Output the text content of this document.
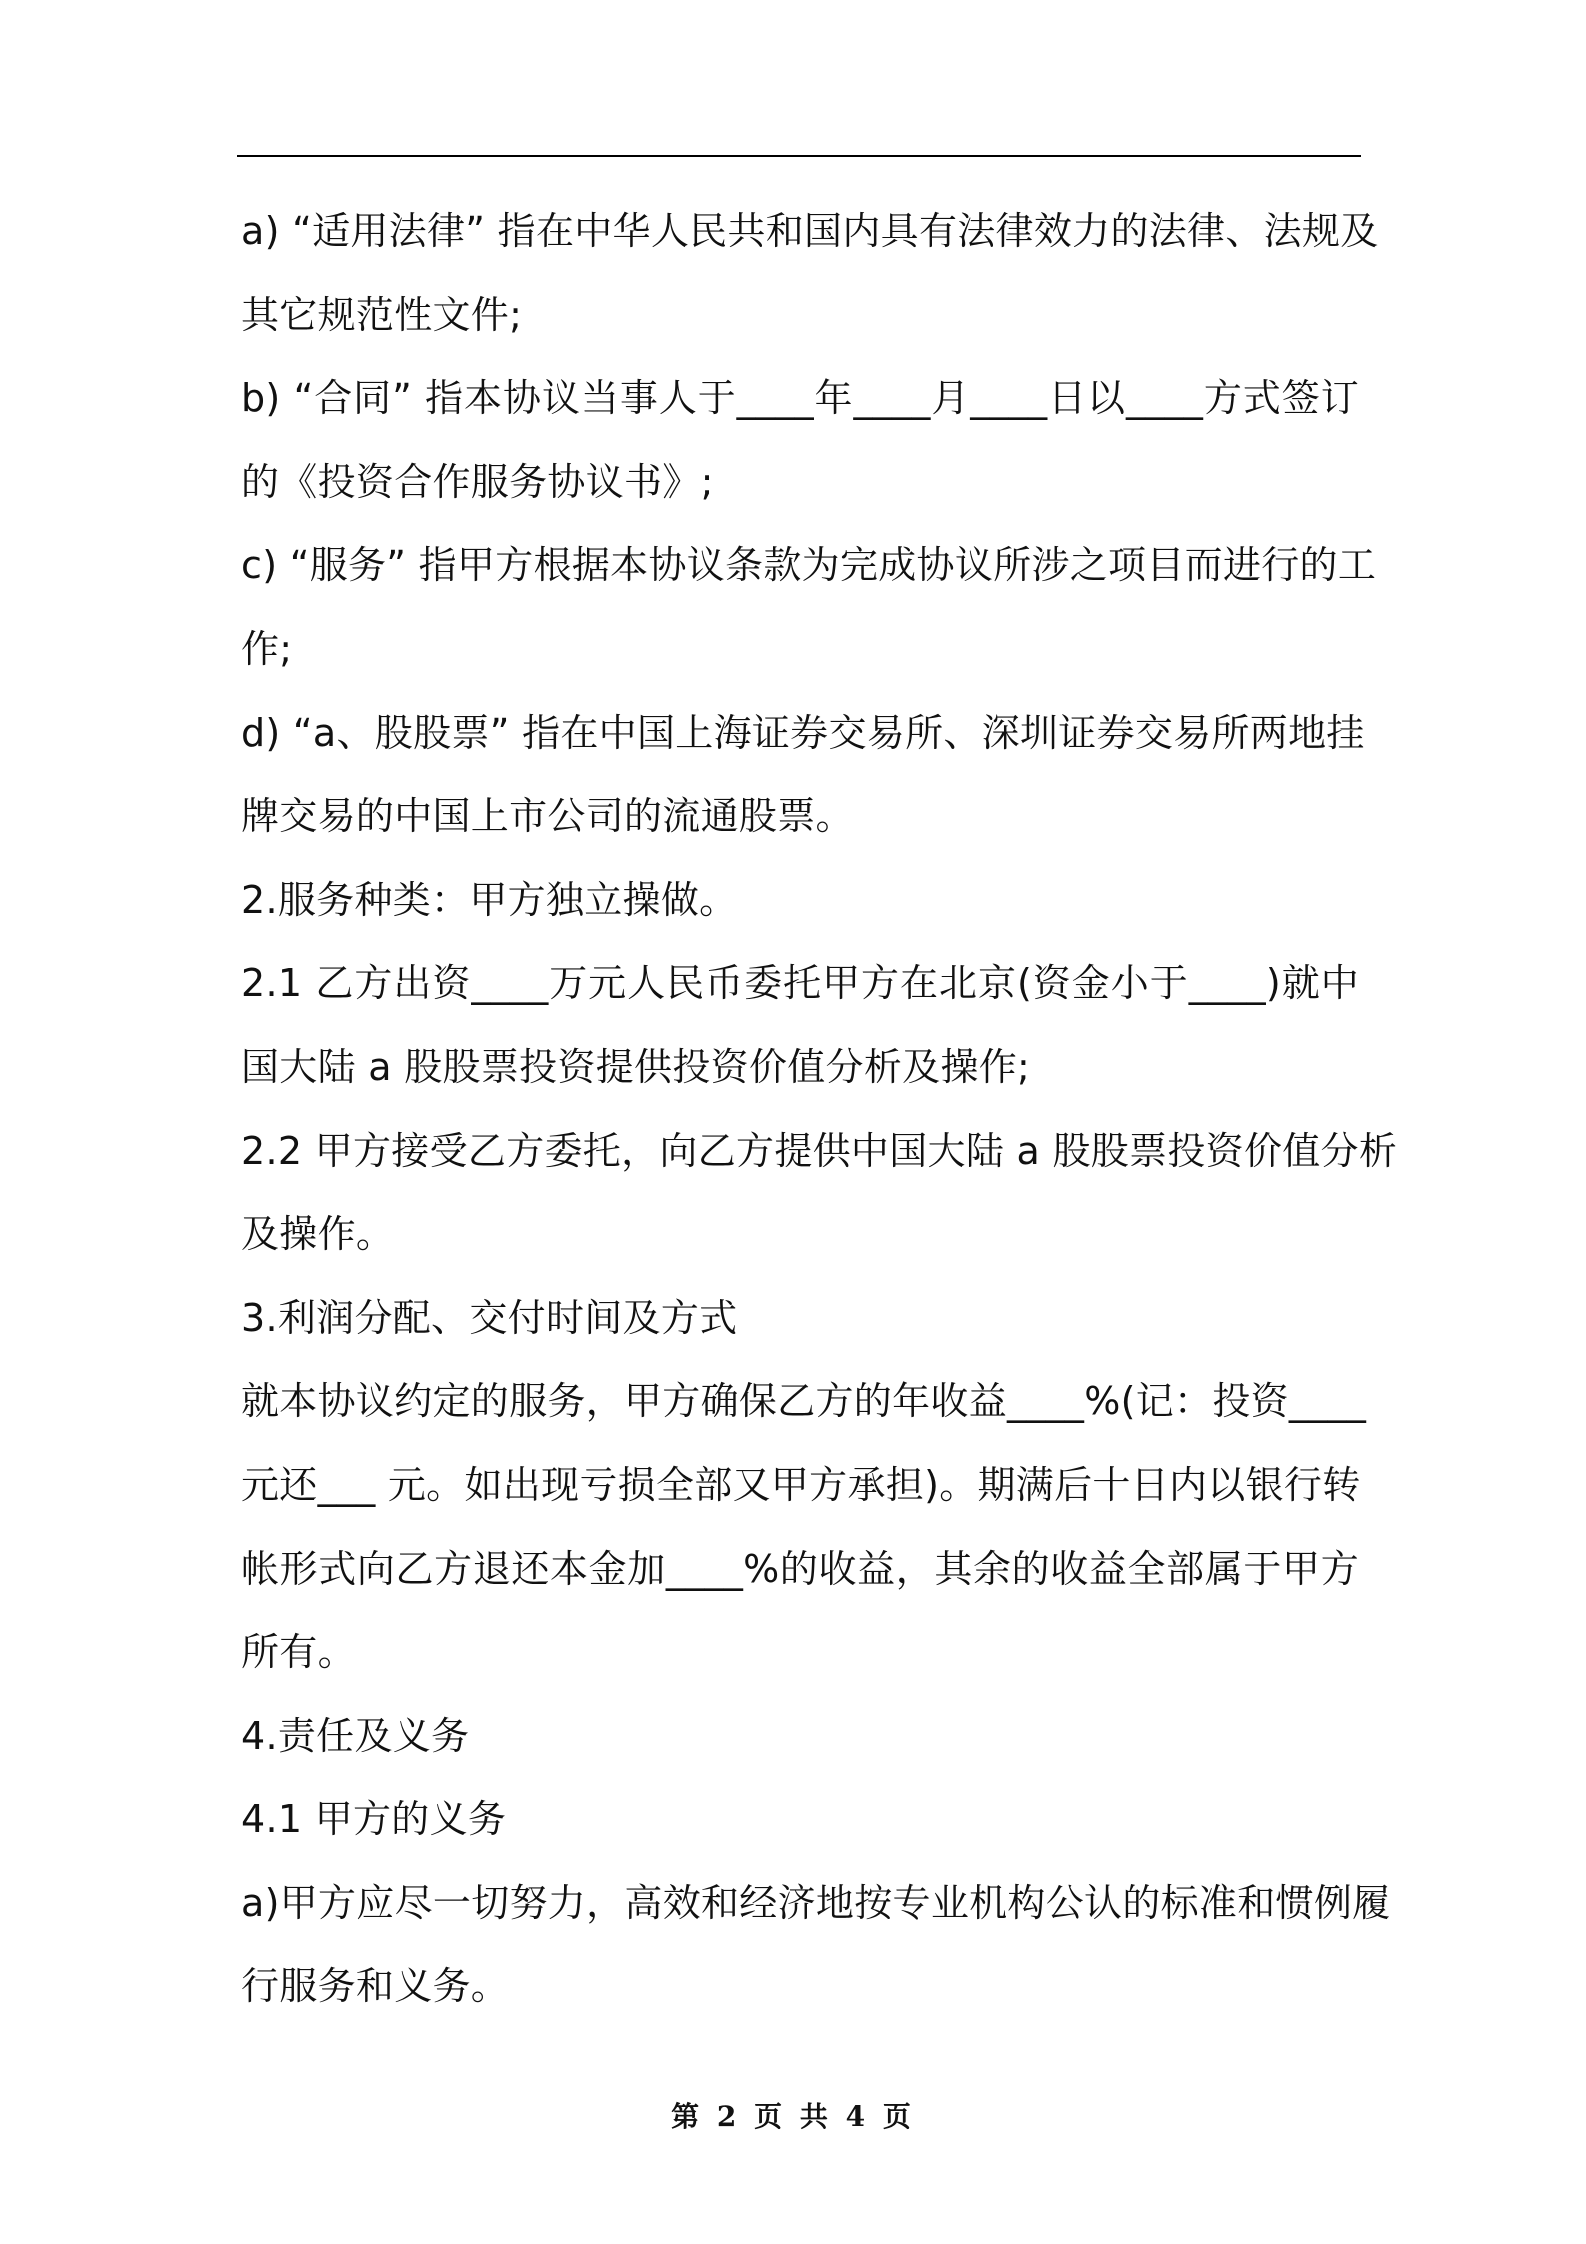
a) “适用法律” 指在中华人民共和国内具有法律效力的法律、法规及
其它规范性文件;
b) “合同” 指本协议当事人于____年____月____日以____方式签订
的《投资合作服务协议书》;
c) “服务” 指甲方根据本协议条款为完成协议所涉之项目而进行的工
作;
d) “a、股股票” 指在中国上海证券交易所、深圳证券交易所两地挂
牌交易的中国上市公司的流通股票。
2.服务种类：甲方独立操做。
2.1 乙方出资____万元人民币委托甲方在北京(资金小于____)就中
国大陆 a 股股票投资提供投资价值分析及操作;
2.2 甲方接受乙方委托，向乙方提供中国大陆 a 股股票投资价值分析
及操作。
3.利润分配、交付时间及方式
就本协议约定的服务，甲方确保乙方的年收益____%(记：投资____
元还___ 元。如出现亏损全部又甲方承担)。期满后十日内以银行转
帐形式向乙方退还本金加____%的收益，其余的收益全部属于甲方
所有。
4.责任及义务
4.1 甲方的义务
a)甲方应尽一切努力，高效和经济地按专业机构公认的标准和惯例履
行服务和义务。
第 2 页 共 4 页
